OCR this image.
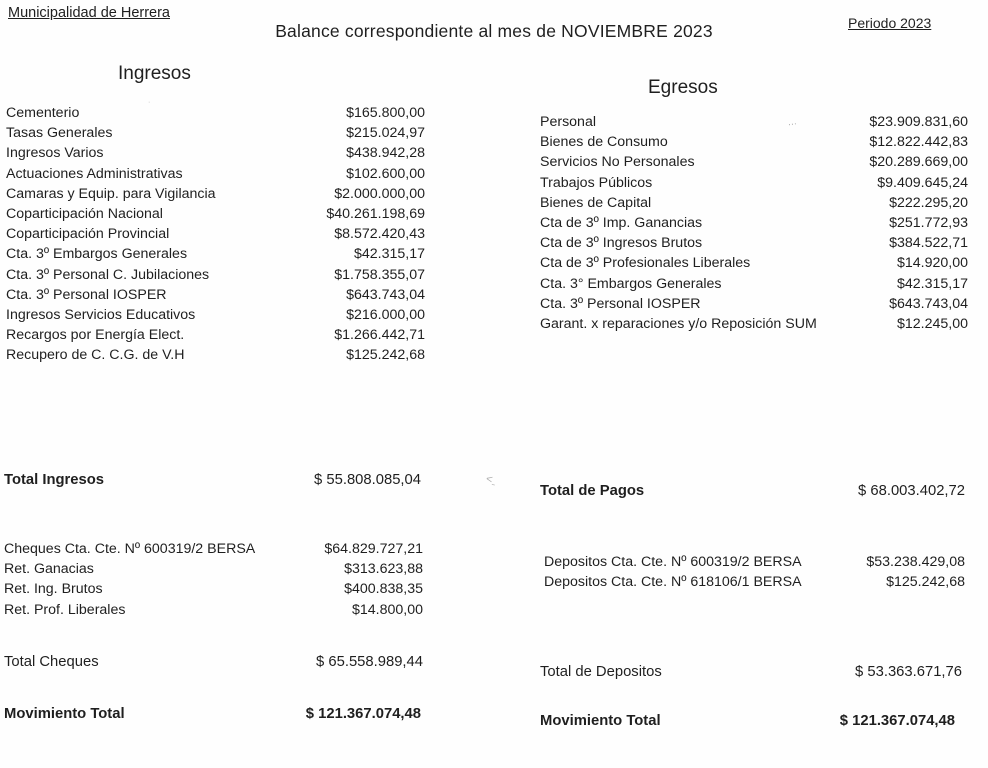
Municipalidad de Herrera
Balance correspondiente al mes de NOVIEMBRE 2023	Periodo 2023
Ingresos
Egresos
Cementerio	$165.800,00
Tasas Generales	$215.024,97
Ingresos Varios	$438.942,28
Actuaciones Administrativas	$102.600,00
Camaras y Equip. para Vigilancia	$2.000.000,00
Coparticipación Nacional	$40.261.198,69
Coparticipación Provincial	$8.572.420,43
Cta. 3º Embargos Generales	$42.315,17
Cta. 3º Personal C. Jubilaciones	$1.758.355,07
Cta. 3º Personal IOSPER	$643.743,04
Ingresos Servicios Educativos	$216.000,00
Recargos por Energía Elect.	$1.266.442,71
Recupero de C. C.G. de V.H	$125.242,68
Personal	$23.909.831,60
Bienes de Consumo	$12.822.442,83
Servicios No Personales	$20.289.669,00
Trabajos Públicos	$9.409.645,24
Bienes de Capital	$222.295,20
Cta de 3º Imp. Ganancias	$251.772,93
Cta de 3º Ingresos Brutos	$384.522,71
Cta de 3º Profesionales Liberales	$14.920,00
Cta. 3° Embargos Generales	$42.315,17
Cta. 3º Personal IOSPER	$643.743,04
Garant. x reparaciones y/o Reposición SUM	$12.245,00
Total Ingresos	$ 55.808.085,04
Total de Pagos	$ 68.003.402,72
Cheques Cta. Cte. Nº 600319/2 BERSA	$64.829.727,21
Ret. Ganacias	$313.623,88
Ret. Ing. Brutos	$400.838,35
Ret. Prof. Liberales	$14.800,00
Depositos Cta. Cte. Nº 600319/2 BERSA	$53.238.429,08
Depositos Cta. Cte. Nº 618106/1 BERSA	$125.242,68
Total Cheques	$ 65.558.989,44
Total de Depositos	$ 53.363.671,76
Movimiento Total	$ 121.367.074,48	Movimiento Total	$ 121.367.074,48
⋯
˂ˍ
·
